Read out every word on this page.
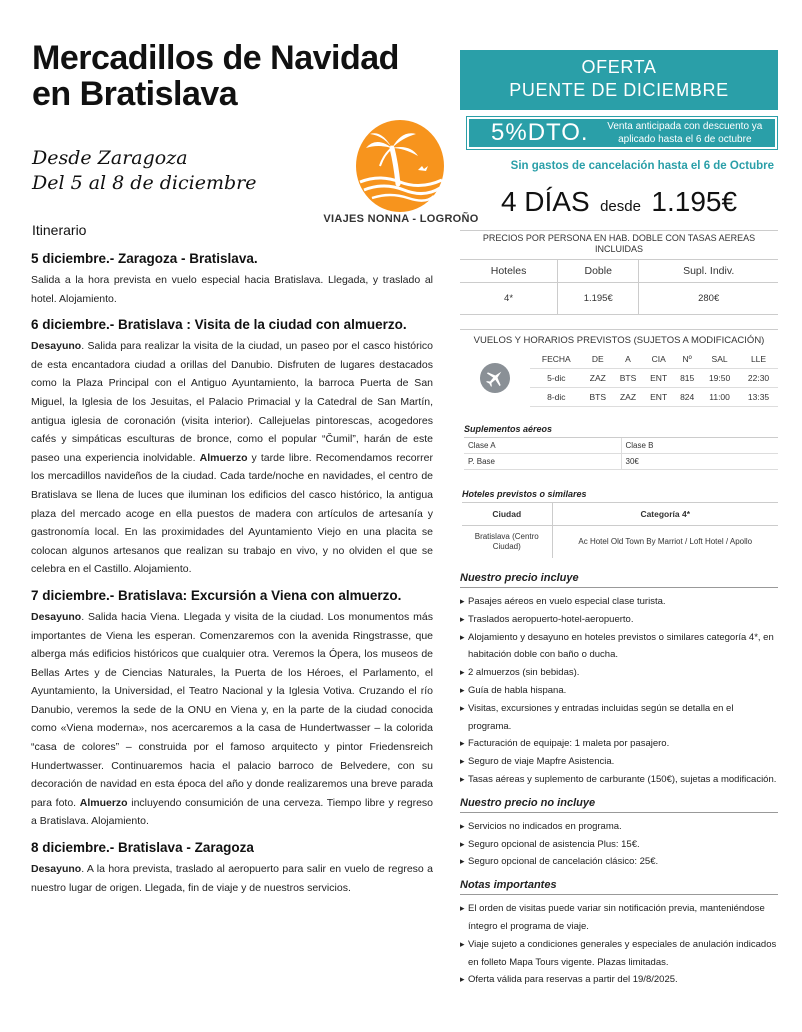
Mercadillos de Navidad
en Bratislava
Desde Zaragoza
Del 5 al 8 de diciembre
VIAJES NONNA - LOGROÑO
Itinerario
5 diciembre.- Zaragoza - Bratislava.

Salida a la hora prevista en vuelo especial hacia Bratislava. Llegada, y traslado al hotel. Alojamiento.

6 diciembre.- Bratislava : Visita de la ciudad con almuerzo.

Desayuno. Salida para realizar la visita de la ciudad, un paseo por el casco histórico de esta encantadora ciudad a orillas del Danubio. Disfruten de lugares destacados como la Plaza Principal con el Antiguo Ayuntamiento, la barroca Puerta de San Miguel, la Iglesia de los Jesuitas, el Palacio Primacial y la Catedral de San Martín, antigua iglesia de coronación (visita interior). Callejuelas pintorescas, acogedores cafés y simpáticas esculturas de bronce, como el popular “Čumil”, harán de este paseo una experiencia inolvidable. Almuerzo y tarde libre. Recomendamos recorrer los mercadillos navideños de la ciudad. Cada tarde/noche en navidades, el centro de Bratislava se llena de luces que iluminan los edificios del casco histórico, la antigua plaza del mercado acoge en ella puestos de madera con artículos de artesanía y gastronomía local. En las proximidades del Ayuntamiento Viejo en una placita se colocan algunos artesanos que realizan su trabajo en vivo, y no olviden el que se celebra en el Castillo. Alojamiento.

7 diciembre.- Bratislava: Excursión a Viena con almuerzo.

Desayuno. Salida hacia Viena. Llegada y visita de la ciudad. Los monumentos más importantes de Viena les esperan. Comenzaremos con la avenida Ringstrasse, que alberga más edificios históricos que cualquier otra. Veremos la Ópera, los museos de Bellas Artes y de Ciencias Naturales, la Puerta de los Héroes, el Parlamento, el Ayuntamiento, la Universidad, el Teatro Nacional y la Iglesia Votiva. Cruzando el río Danubio, veremos la sede de la ONU en Viena y, en la parte de la ciudad conocida como «Viena moderna», nos acercaremos a la casa de Hundertwasser – la colorida “casa de colores” – construida por el famoso arquitecto y pintor Friedensreich Hundertwasser. Continuaremos hacia el palacio barroco de Belvedere, con su decoración de navidad en esta época del año y donde realizaremos una breve parada para foto. Almuerzo incluyendo consumición de una cerveza. Tiempo libre y regreso a Bratislava. Alojamiento.

8 diciembre.- Bratislava - Zaragoza

Desayuno. A la hora prevista, traslado al aeropuerto para salir en vuelo de regreso a nuestro lugar de origen. Llegada, fin de viaje y de nuestros servicios.

OFERTA
PUENTE DE DICIEMBRE
5%DTO.	Venta anticipada con descuento ya aplicado hasta el 6 de octubre
Sin gastos de cancelación hasta el 6 de Octubre
4 DÍAS desde 1.195€
PRECIOS POR PERSONA EN HAB. DOBLE CON TASAS AEREAS INCLUIDAS		
Hoteles	Doble	Supl. Indiv.
4*	1.195€	280€
VUELOS Y HORARIOS PREVISTOS (SUJETOS A MODIFICACIÓN)
	FECHA	DE	A	CIA	Nº	SAL	LLE
	5-dic	ZAZ	BTS	ENT	815	19:50	22:30
	8-dic	BTS	ZAZ	ENT	824	11:00	13:35
Suplementos aéreos
Clase A	Clase B
P. Base	30€
Hoteles previstos o similares
Ciudad	Categoría 4*
Bratislava (Centro Ciudad)	Ac Hotel Old Town By Marriot / Loft Hotel / Apollo
Nuestro precio incluye
▸ Pasajes aéreos en vuelo especial clase turista.
▸ Traslados aeropuerto-hotel-aeropuerto.
▸ Alojamiento y desayuno en hoteles previstos o similares categoría 4*, en habitación doble con baño o ducha.
▸ 2 almuerzos (sin bebidas).
▸ Guía de habla hispana.
▸ Visitas, excursiones y entradas incluidas según se detalla en el programa.
▸ Facturación de equipaje: 1 maleta por pasajero.
▸ Seguro de viaje Mapfre Asistencia.
▸ Tasas aéreas y suplemento de carburante (150€), sujetas a modificación.
Nuestro precio no incluye
▸ Servicios no indicados en programa.
▸ Seguro opcional de asistencia Plus: 15€.
▸ Seguro opcional de cancelación clásico: 25€.
Notas importantes
▸ El orden de visitas puede variar sin notificación previa, manteniéndose íntegro el programa de viaje.
▸ Viaje sujeto a condiciones generales y especiales de anulación indicados en folleto Mapa Tours vigente. Plazas limitadas.
▸ Oferta válida para reservas a partir del 19/8/2025.
